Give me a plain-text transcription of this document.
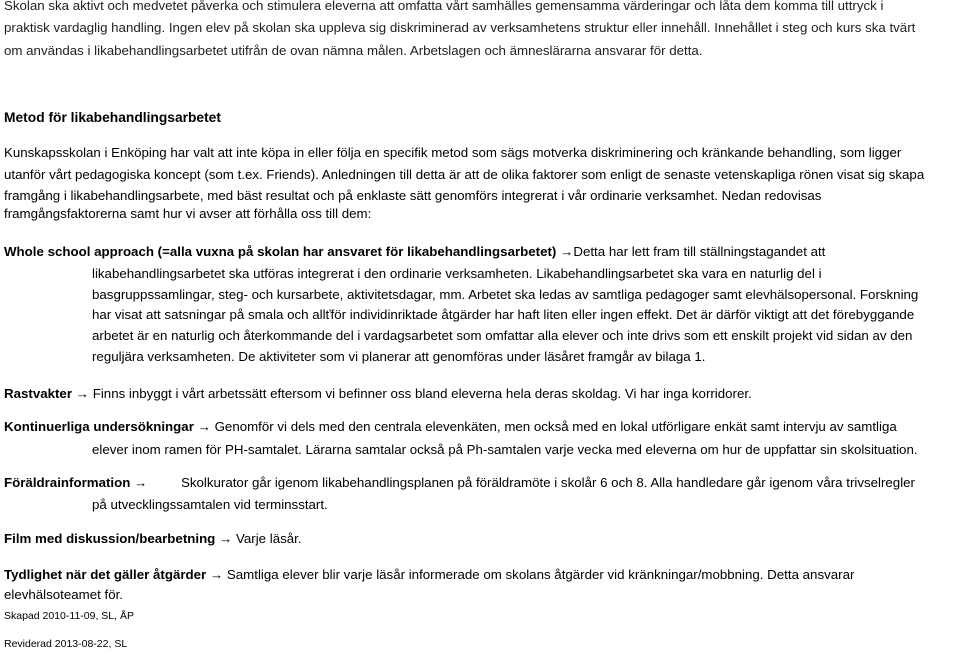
Skolan ska aktivt och medvetet påverka och stimulera eleverna att omfatta vårt samhälles gemensamma värderingar och låta dem komma till uttryck i
praktisk vardaglig handling. Ingen elev på skolan ska uppleva sig diskriminerad av verksamhetens struktur eller innehåll. Innehållet i steg och kurs ska tvärt
om användas i likabehandlingsarbetet utifrån de ovan nämna målen. Arbetslagen och ämneslärarna ansvarar för detta.
Metod för likabehandlingsarbetet
Kunskapsskolan i Enköping har valt att inte köpa in eller följa en specifik metod som sägs motverka diskriminering och kränkande behandling, som ligger
utanför vårt pedagogiska koncept (som t.ex. Friends). Anledningen till detta är att de olika faktorer som enligt de senaste vetenskapliga rönen visat sig skapa
framgång i likabehandlingsarbete, med bäst resultat och på enklaste sätt genomförs integrerat i vår ordinarie verksamhet. Nedan redovisas
framgångsfaktorerna samt hur vi avser att förhålla oss till dem:
Whole school approach (=alla vuxna på skolan har ansvaret för likabehandlingsarbetet) →Detta har lett fram till ställningstagandet att
likabehandlingsarbetet ska utföras integrerat i den ordinarie verksamheten. Likabehandlingsarbetet ska vara en naturlig del i
basgruppssamlingar, steg- och kursarbete, aktivitetsdagar, mm. Arbetet ska ledas av samtliga pedagoger samt elevhälsopersonal. Forskning
har visat att satsningar på smala och allťför individinriktade åtgärder har haft liten eller ingen effekt. Det är därför viktigt att det förebyggande
arbetet är en naturlig och återkommande del i vardagsarbetet som omfattar alla elever och inte drivs som ett enskilt projekt vid sidan av den
reguljära verksamheten. De aktiviteter som vi planerar att genomföras under läsåret framgår av bilaga 1.
Rastvakter → Finns inbyggt i vårt arbetssätt eftersom vi befinner oss bland eleverna hela deras skoldag. Vi har inga korridorer.
Kontinuerliga undersökningar → Genomför vi dels med den centrala elevenkäten, men också med en lokal utförligare enkät samt intervju av samtliga
elever inom ramen för PH-samtalet. Lärarna samtalar också på Ph-samtalen varje vecka med eleverna om hur de uppfattar sin skolsituation.
Föräldrainformation →	Skolkurator går igenom likabehandlingsplanen på föräldramöte i skolår 6 och 8. Alla handledare går igenom våra trivselregler
på utvecklingssamtalen vid terminsstart.
Film med diskussion/bearbetning → Varje läsår.
Tydlighet när det gäller åtgärder → Samtliga elever blir varje läsår informerade om skolans åtgärder vid kränkningar/mobbning. Detta ansvarar
elevhälsoteamet för.
Skapad 2010-11-09, SL, ÅP
Reviderad 2013-08-22, SL
